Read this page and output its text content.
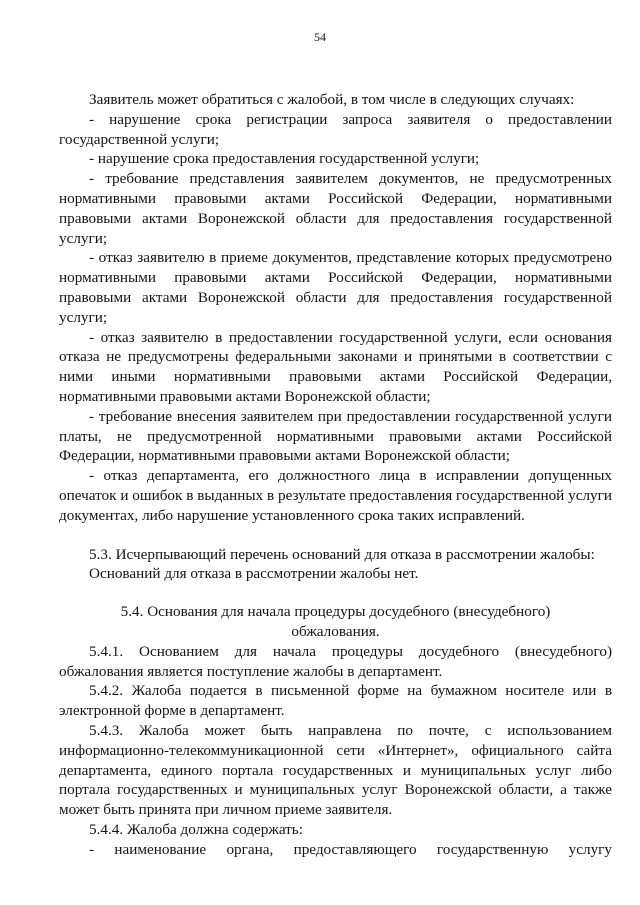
54

Заявитель может обратиться с жалобой, в том числе в следующих случаях:

- нарушение срока регистрации запроса заявителя о предоставлении государственной услуги;

- нарушение срока предоставления государственной услуги;

- требование представления заявителем документов, не предусмотренных нормативными правовыми актами Российской Федерации, нормативными правовыми актами Воронежской области для предоставления государственной услуги;

- отказ заявителю в приеме документов, представление которых предусмотрено нормативными правовыми актами Российской Федерации, нормативными правовыми актами Воронежской области для предоставления государственной услуги;

- отказ заявителю в предоставлении государственной услуги, если основания отказа не предусмотрены федеральными законами и принятыми в соответствии с ними иными нормативными правовыми актами Российской Федерации, нормативными правовыми актами Воронежской области;

- требование внесения заявителем при предоставлении государственной услуги платы, не предусмотренной нормативными правовыми актами Российской Федерации, нормативными правовыми актами Воронежской области;

- отказ департамента, его должностного лица в исправлении допущенных опечаток и ошибок в выданных в результате предоставления государственной услуги документах, либо нарушение установленного срока таких исправлений.

5.3. Исчерпывающий перечень оснований для отказа в рассмотрении жалобы:

Оснований для отказа в рассмотрении жалобы нет.

5.4. Основания для начала процедуры досудебного (внесудебного)

обжалования.

5.4.1. Основанием для начала процедуры досудебного (внесудебного) обжалования является поступление жалобы в департамент.

5.4.2. Жалоба подается в письменной форме на бумажном носителе или в электронной форме в департамент.

5.4.3. Жалоба может быть направлена по почте, с использованием информационно-телекоммуникационной сети «Интернет», официального сайта департамента, единого портала государственных и муниципальных услуг либо портала государственных и муниципальных услуг Воронежской области, а также может быть принята при личном приеме заявителя.

5.4.4. Жалоба должна содержать:

- наименование органа, предоставляющего государственную услугу
